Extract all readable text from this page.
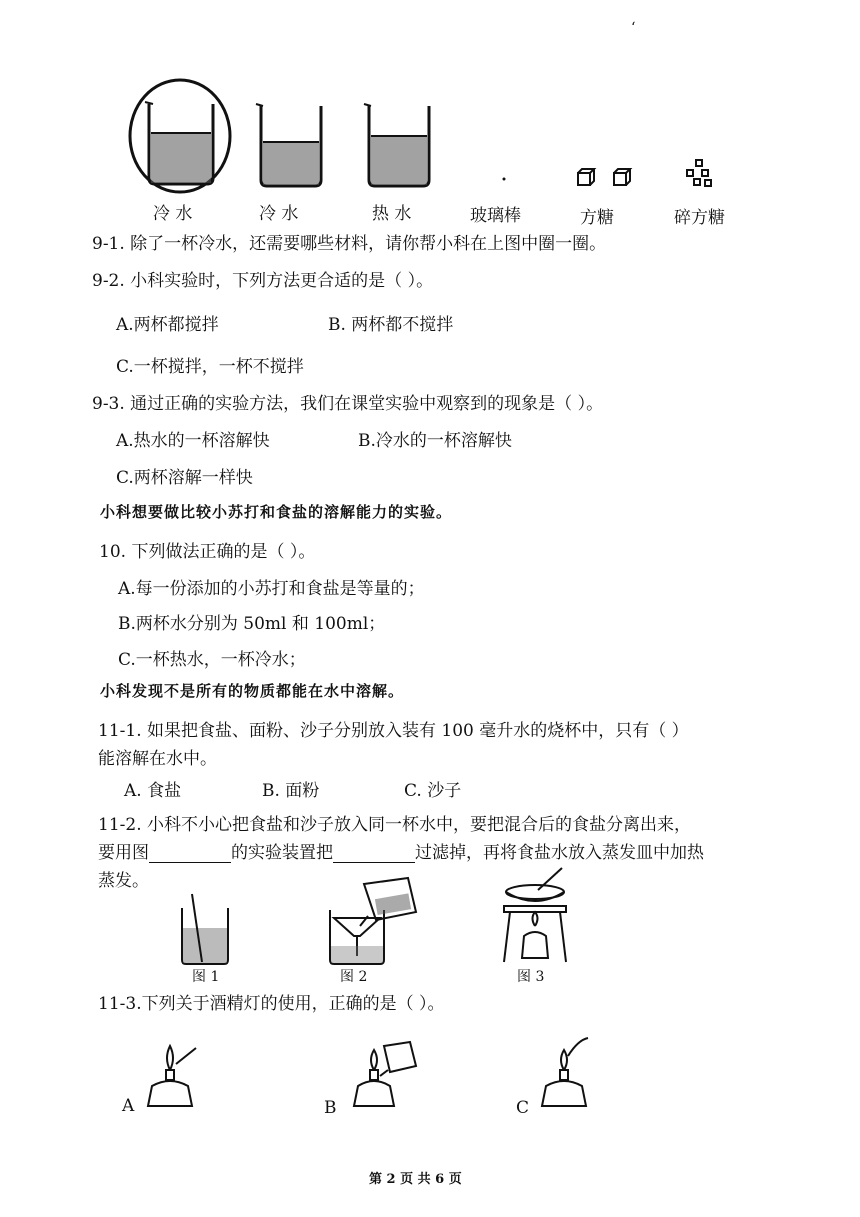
‘
冷 水	冷 水	热 水	玻璃棒	方糖	碎方糖
9-1. 除了一杯冷水，还需要哪些材料，请你帮小科在上图中圈一圈。
9-2. 小科实验时，下列方法更合适的是（ ）。
A.两杯都搅拌	B. 两杯都不搅拌
C.一杯搅拌，一杯不搅拌
9-3. 通过正确的实验方法，我们在课堂实验中观察到的现象是（ ）。
A.热水的一杯溶解快	B.冷水的一杯溶解快
C.两杯溶解一样快
小科想要做比较小苏打和食盐的溶解能力的实验。
10. 下列做法正确的是（ ）。
A.每一份添加的小苏打和食盐是等量的；
B.两杯水分别为 50ml 和 100ml；
C.一杯热水，一杯冷水；
小科发现不是所有的物质都能在水中溶解。
11-1. 如果把食盐、面粉、沙子分别放入装有 100 毫升水的烧杯中，只有（ ）
能溶解在水中。
A. 食盐	B. 面粉	C. 沙子
11-2. 小科不小心把食盐和沙子放入同一杯水中，要把混合后的食盐分离出来，
要用图	的实验装置把	过滤掉，再将食盐水放入蒸发皿中加热
蒸发。
图 1	图 2	图 3
11-3.下列关于酒精灯的使用，正确的是（ ）。
A	B	C
第 2 页 共 6 页
